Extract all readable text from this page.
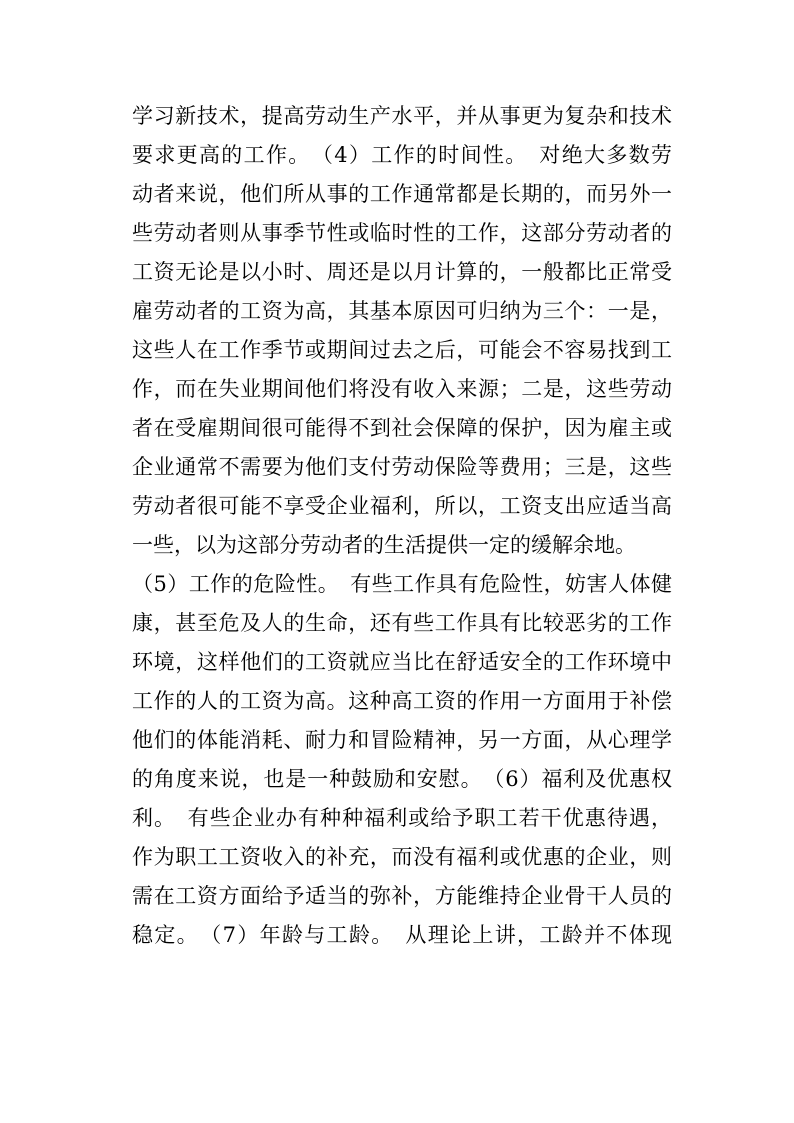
学习新技术，提高劳动生产水平，并从事更为复杂和技术
要求更高的工作。　（4）工作的时间性。　对绝大多数劳
动者来说，他们所从事的工作通常都是长期的，而另外一
些劳动者则从事季节性或临时性的工作，这部分劳动者的
工资无论是以小时、周还是以月计算的，一般都比正常受
雇劳动者的工资为高，其基本原因可归纳为三个：一是，
这些人在工作季节或期间过去之后，可能会不容易找到工
作，而在失业期间他们将没有收入来源；二是，这些劳动
者在受雇期间很可能得不到社会保障的保护，因为雇主或
企业通常不需要为他们支付劳动保险等费用；三是，这些
劳动者很可能不享受企业福利，所以，工资支出应适当高
一些，以为这部分劳动者的生活提供一定的缓解余地。
（5）工作的危险性。　有些工作具有危险性，妨害人体健
康，甚至危及人的生命，还有些工作具有比较恶劣的工作
环境，这样他们的工资就应当比在舒适安全的工作环境中
工作的人的工资为高。这种高工资的作用一方面用于补偿
他们的体能消耗、耐力和冒险精神，另一方面，从心理学
的角度来说，也是一种鼓励和安慰。　（6）福利及优惠权
利。　有些企业办有种种福利或给予职工若干优惠待遇，
作为职工工资收入的补充，而没有福利或优惠的企业，则
需在工资方面给予适当的弥补，方能维持企业骨干人员的
稳定。　（7）年龄与工龄。　从理论上讲，工龄并不体现
